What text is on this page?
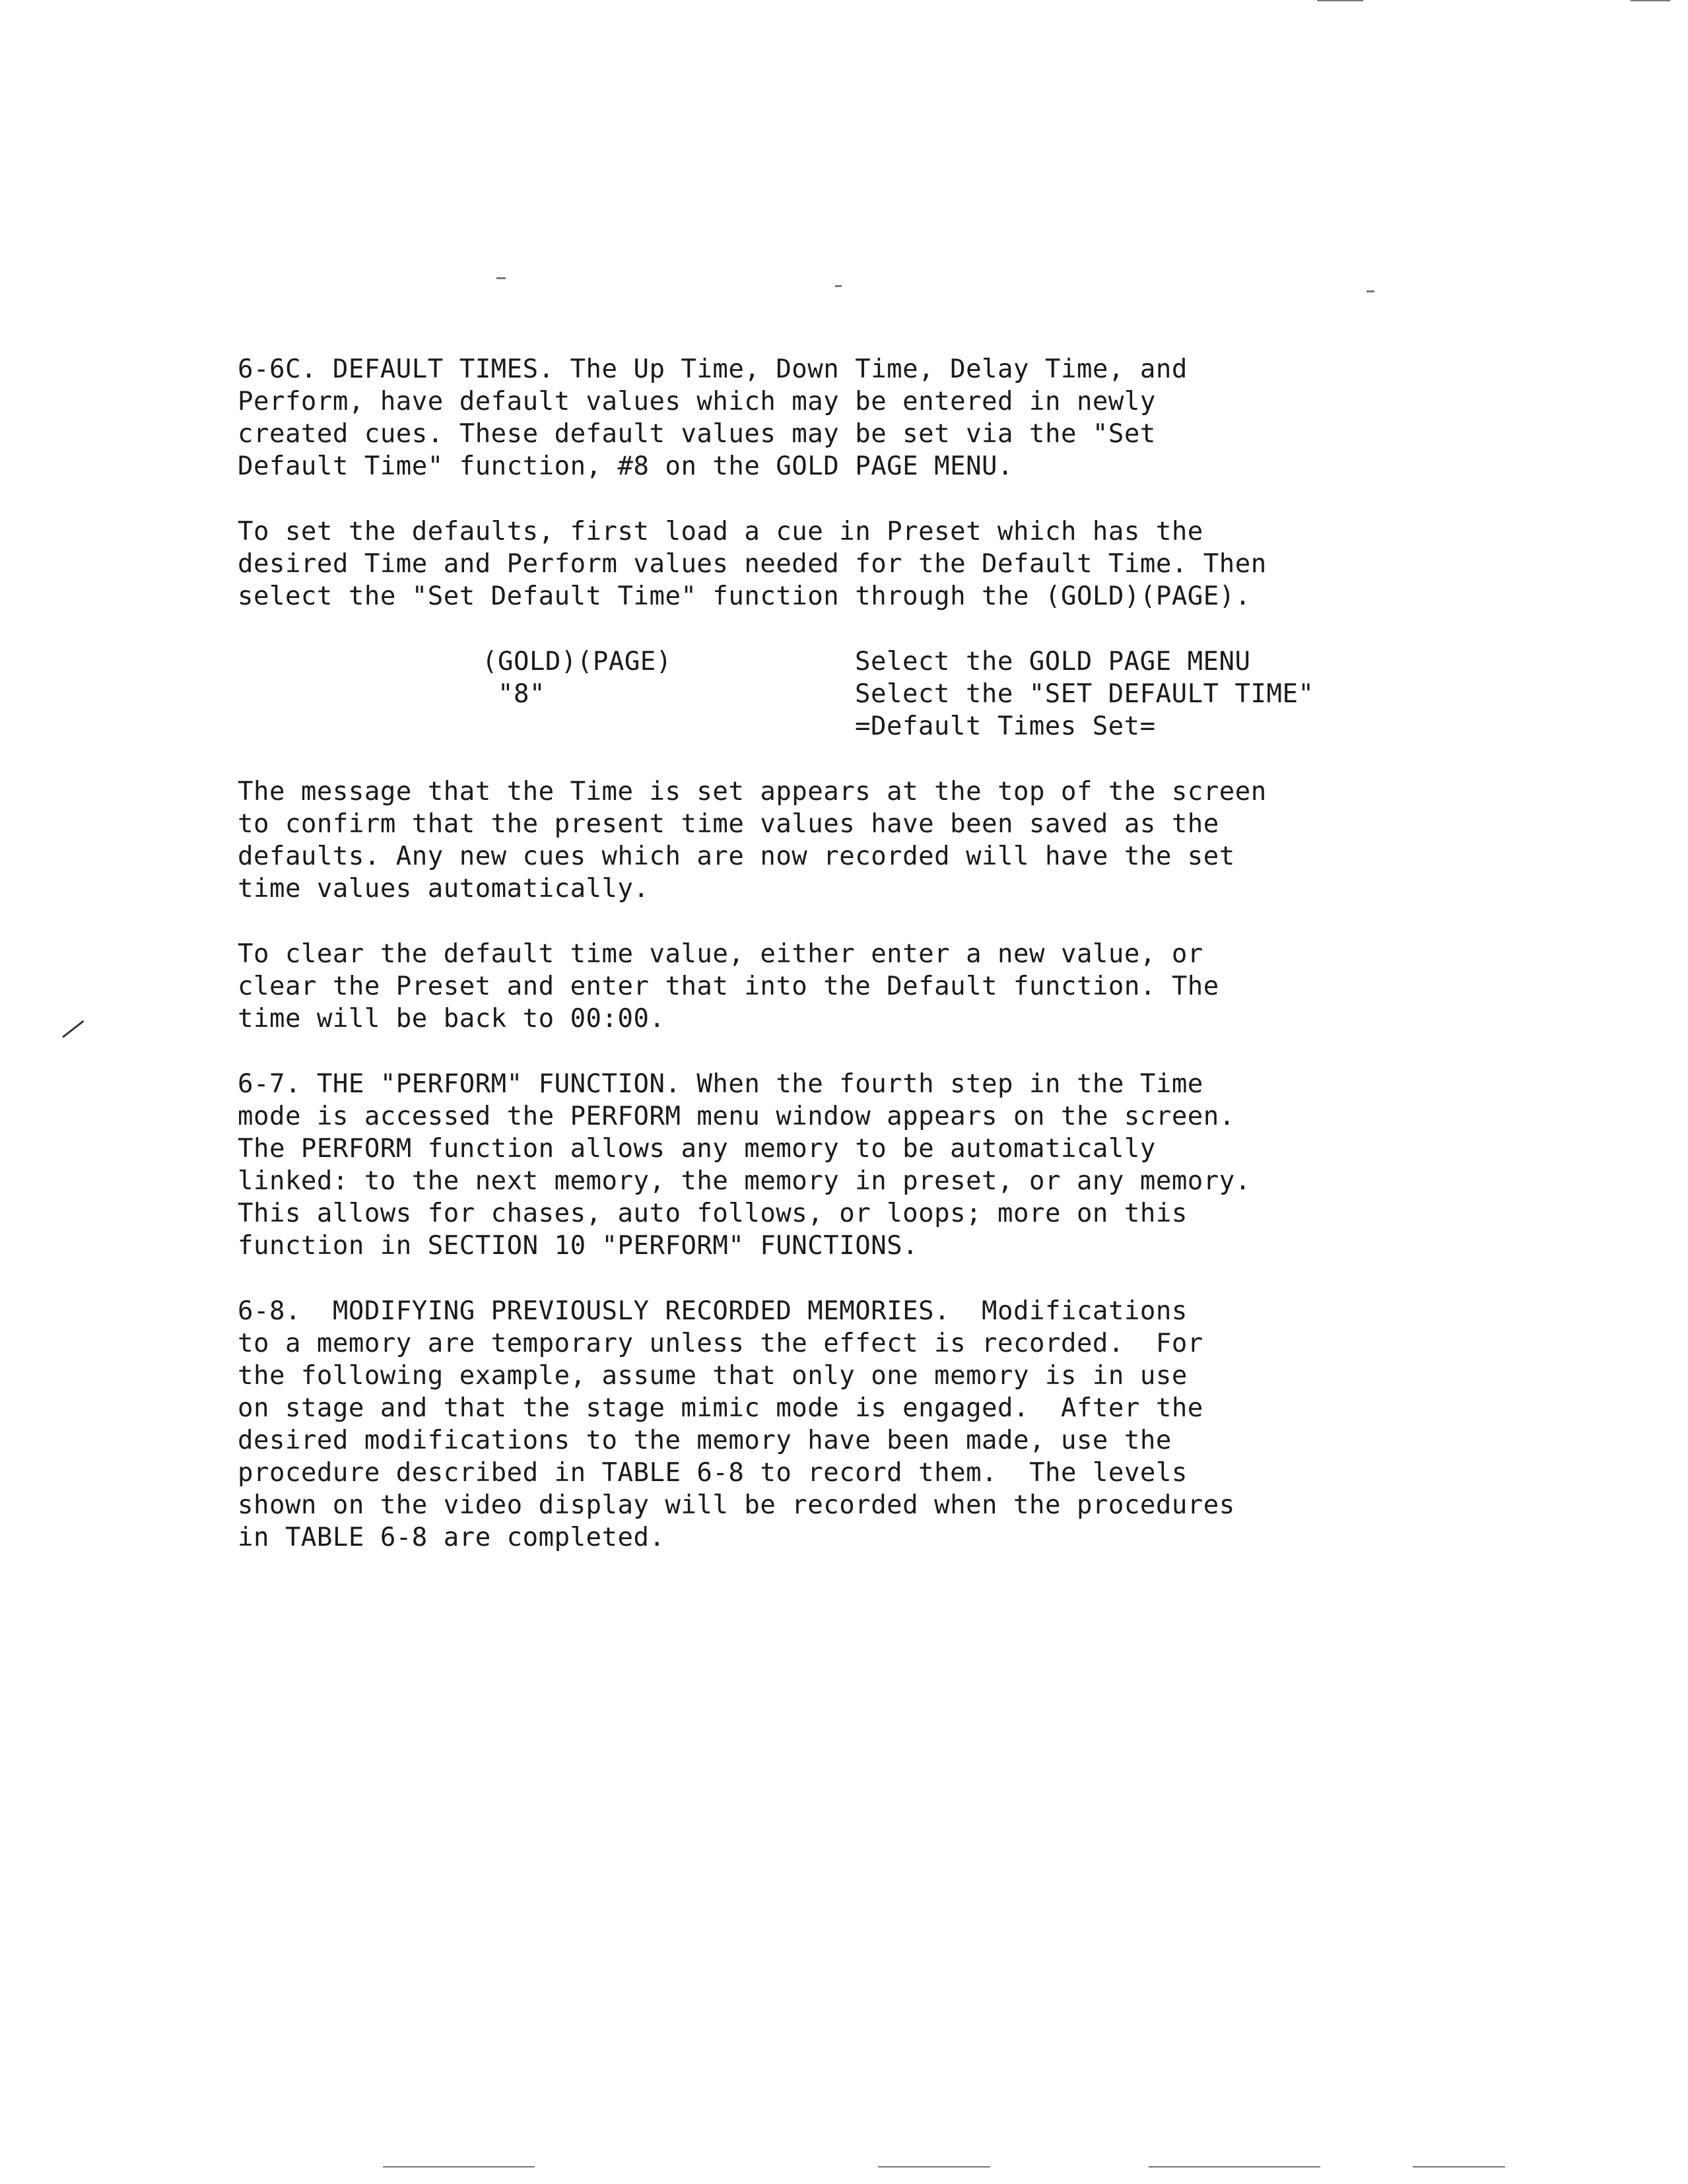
6-6C. DEFAULT TIMES. The Up Time, Down Time, Delay Time, and
Perform, have default values which may be entered in newly
created cues. These default values may be set via the "Set
Default Time" function, #8 on the GOLD PAGE MENU.
To set the defaults, first load a cue in Preset which has the
desired Time and Perform values needed for the Default Time. Then
select the "Set Default Time" function through the (GOLD)(PAGE).
(GOLD)(PAGE)	Select the GOLD PAGE MENU
"8"	Select the "SET DEFAULT TIME"
=Default Times Set=
The message that the Time is set appears at the top of the screen
to confirm that the present time values have been saved as the
defaults. Any new cues which are now recorded will have the set
time values automatically.
To clear the default time value, either enter a new value, or
clear the Preset and enter that into the Default function. The
time will be back to 00:00.
6-7. THE "PERFORM" FUNCTION. When the fourth step in the Time
mode is accessed the PERFORM menu window appears on the screen.
The PERFORM function allows any memory to be automatically
linked: to the next memory, the memory in preset, or any memory.
This allows for chases, auto follows, or loops; more on this
function in SECTION 10 "PERFORM" FUNCTIONS.
6-8.  MODIFYING PREVIOUSLY RECORDED MEMORIES.  Modifications
to a memory are temporary unless the effect is recorded.  For
the following example, assume that only one memory is in use
on stage and that the stage mimic mode is engaged.  After the
desired modifications to the memory have been made, use the
procedure described in TABLE 6-8 to record them.  The levels
shown on the video display will be recorded when the procedures
in TABLE 6-8 are completed.
